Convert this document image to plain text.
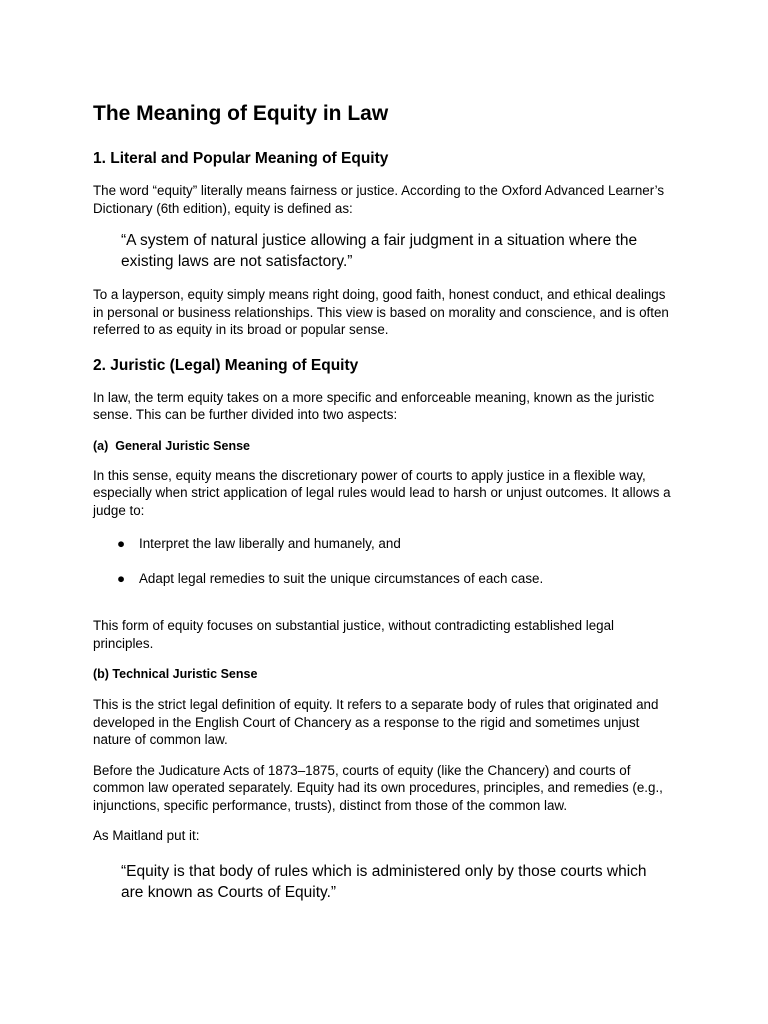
The Meaning of Equity in Law
1. Literal and Popular Meaning of Equity

The word “equity” literally means fairness or justice. According to the Oxford Advanced Learner’s Dictionary (6th edition), equity is defined as:

“A system of natural justice allowing a fair judgment in a situation where the existing laws are not satisfactory.”

To a layperson, equity simply means right doing, good faith, honest conduct, and ethical dealings in personal or business relationships. This view is based on morality and conscience, and is often referred to as equity in its broad or popular sense.

2. Juristic (Legal) Meaning of Equity

In law, the term equity takes on a more specific and enforceable meaning, known as the juristic sense. This can be further divided into two aspects:

(a)  General Juristic Sense

In this sense, equity means the discretionary power of courts to apply justice in a flexible way, especially when strict application of legal rules would lead to harsh or unjust outcomes. It allows a judge to:

● Interpret the law liberally and humanely, and
● Adapt legal remedies to suit the unique circumstances of each case.

This form of equity focuses on substantial justice, without contradicting established legal principles.

(b) Technical Juristic Sense

This is the strict legal definition of equity. It refers to a separate body of rules that originated and developed in the English Court of Chancery as a response to the rigid and sometimes unjust nature of common law.

Before the Judicature Acts of 1873–1875, courts of equity (like the Chancery) and courts of common law operated separately. Equity had its own procedures, principles, and remedies (e.g., injunctions, specific performance, trusts), distinct from those of the common law.

As Maitland put it:

“Equity is that body of rules which is administered only by those courts which are known as Courts of Equity.”
